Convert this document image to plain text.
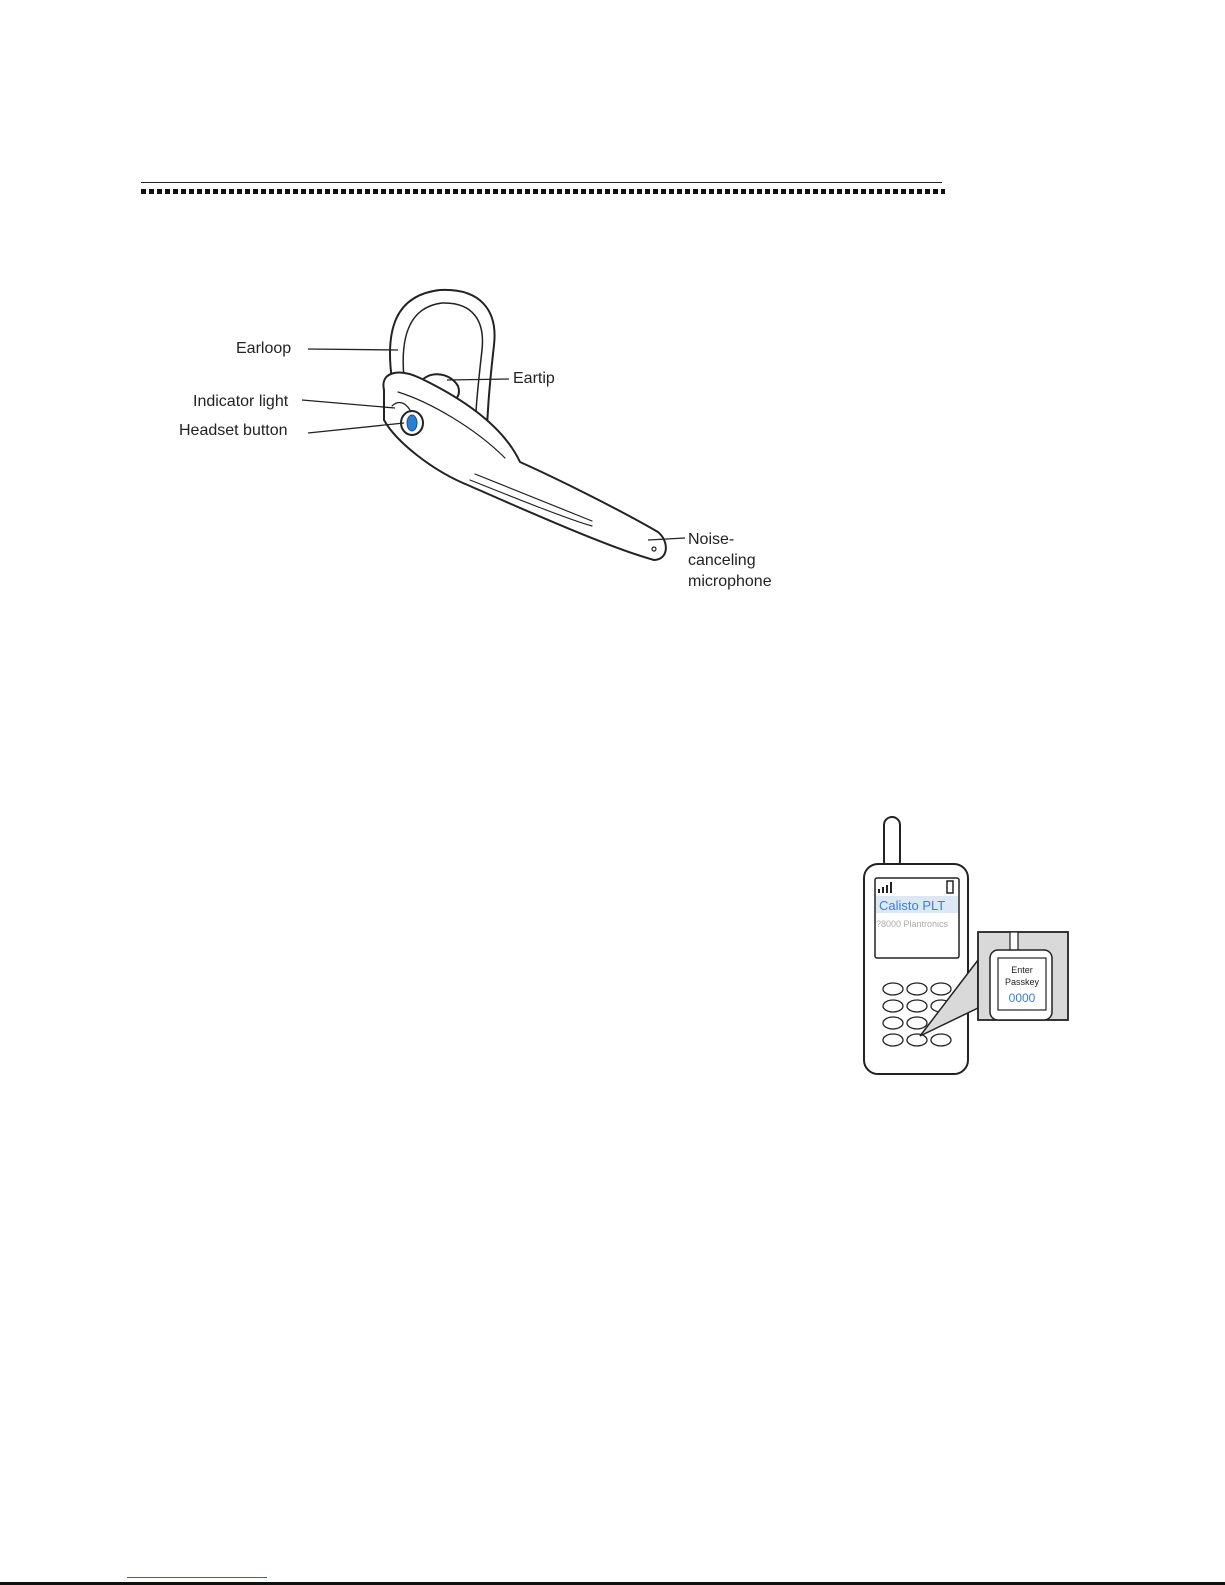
Earloop
Eartip
Indicator light
Headset button
Noise-
canceling
microphone
Calisto PLT
?8000 Plantronics
Enter
Passkey
0000
